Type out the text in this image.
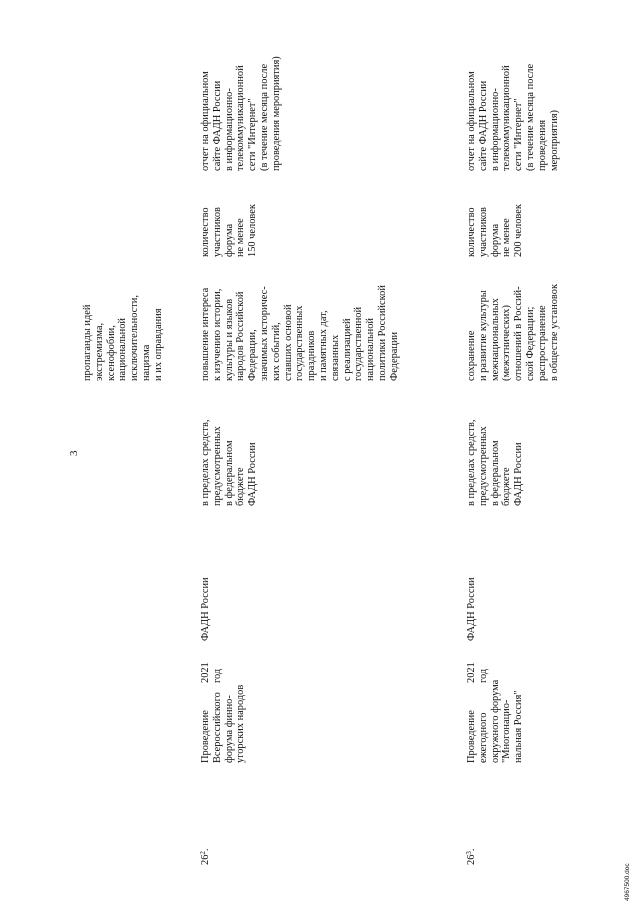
3
пропаганды идей экстремизма, ксенофобии, национальной исключительности, нацизма и их оправдания
$26^2$.
Проведение Всероссийского форума финно- угорских народов
2021 год
ФАДН России
в пределах средств, предусмотренных в федеральном бюджете ФАДН России
повышение интереса к изучению истории, культуры и языков народов Российской Федерации, значимых историчес- ких событий, ставших основой государственных праздников и памятных дат, связанных с реализацией государственной национальной политики Российской Федерации
количество участников форума не менее 150 человек
отчет на официальном сайте ФАДН России в информационно- телекоммуникационной сети "Интернет" (в течение месяца после проведения мероприятия)
$26^3$.
Проведение ежегодного окружного форума "Многонацио- нальная Россия"
2021 год
ФАДН России
в пределах средств, предусмотренных в федеральном бюджете ФАДН России
сохранение и развитие культуры межнациональных (межэтнических) отношений в Россий- ской Федерации; распространение в обществе установок
количество участников форума не менее 200 человек
отчет на официальном сайте ФАДН России в информационно- телекоммуникационной сети "Интернет" (в течение месяца после проведения мероприятия)
4967500.doc
